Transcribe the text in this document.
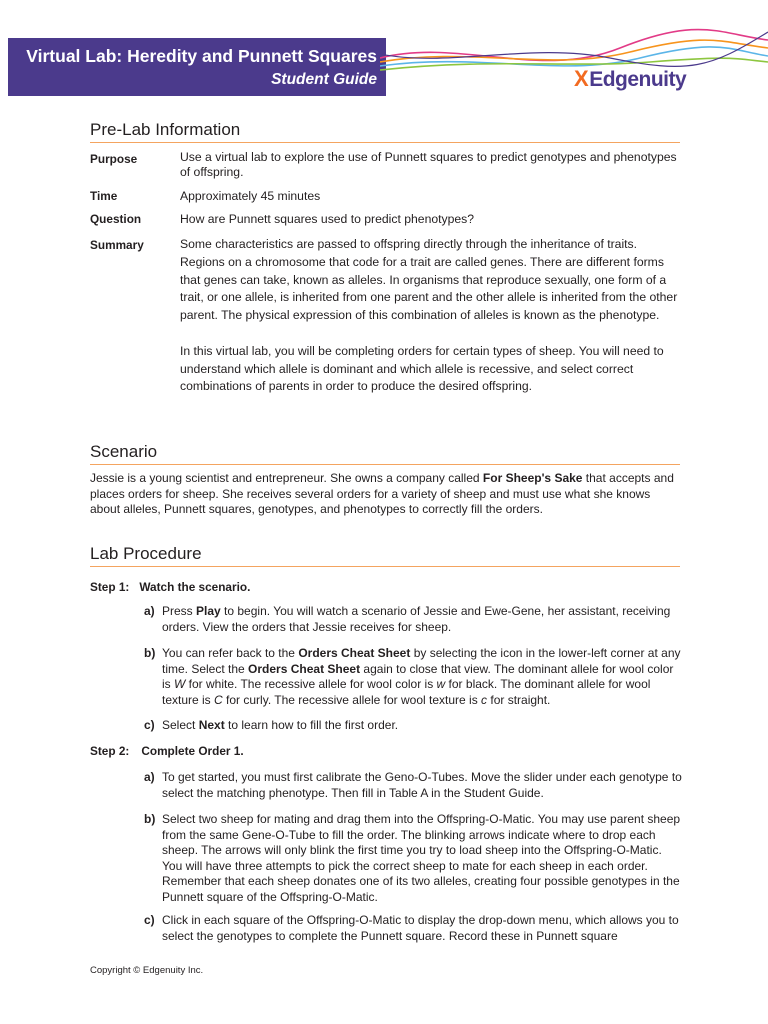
Virtual Lab: Heredity and Punnett Squares
Student Guide	XEdgenuity
Pre-Lab Information
Purpose	Use a virtual lab to explore the use of Punnett squares to predict genotypes and phenotypes of offspring.
Time	Approximately 45 minutes
Question	How are Punnett squares used to predict phenotypes?
Summary	Some characteristics are passed to offspring directly through the inheritance of traits. Regions on a chromosome that code for a trait are called genes. There are different forms that genes can take, known as alleles. In organisms that reproduce sexually, one form of a trait, or one allele, is inherited from one parent and the other allele is inherited from the other parent. The physical expression of this combination of alleles is known as the phenotype.

In this virtual lab, you will be completing orders for certain types of sheep. You will need to understand which allele is dominant and which allele is recessive, and select correct combinations of parents in order to produce the desired offspring.

Scenario
Jessie is a young scientist and entrepreneur. She owns a company called For Sheep's Sake that accepts and places orders for sheep. She receives several orders for a variety of sheep and must use what she knows about alleles, Punnett squares, genotypes, and phenotypes to correctly fill the orders.
Lab Procedure
Step 1: Watch the scenario.
a) Press Play to begin. You will watch a scenario of Jessie and Ewe-Gene, her assistant, receiving orders. View the orders that Jessie receives for sheep.
b) You can refer back to the Orders Cheat Sheet by selecting the icon in the lower-left corner at any time. Select the Orders Cheat Sheet again to close that view. The dominant allele for wool color is W for white. The recessive allele for wool color is w for black. The dominant allele for wool texture is C for curly. The recessive allele for wool texture is c for straight.
c) Select Next to learn how to fill the first order.
Step 2: Complete Order 1.
a) To get started, you must first calibrate the Geno-O-Tubes. Move the slider under each genotype to select the matching phenotype. Then fill in Table A in the Student Guide.
b) Select two sheep for mating and drag them into the Offspring-O-Matic. You may use parent sheep from the same Gene-O-Tube to fill the order. The blinking arrows indicate where to drop each sheep. The arrows will only blink the first time you try to load sheep into the Offspring-O-Matic. You will have three attempts to pick the correct sheep to mate for each sheep in each order. Remember that each sheep donates one of its two alleles, creating four possible genotypes in the Punnett square of the Offspring-O-Matic.
c) Click in each square of the Offspring-O-Matic to display the drop-down menu, which allows you to select the genotypes to complete the Punnett square. Record these in Punnett square
Copyright © Edgenuity Inc.
